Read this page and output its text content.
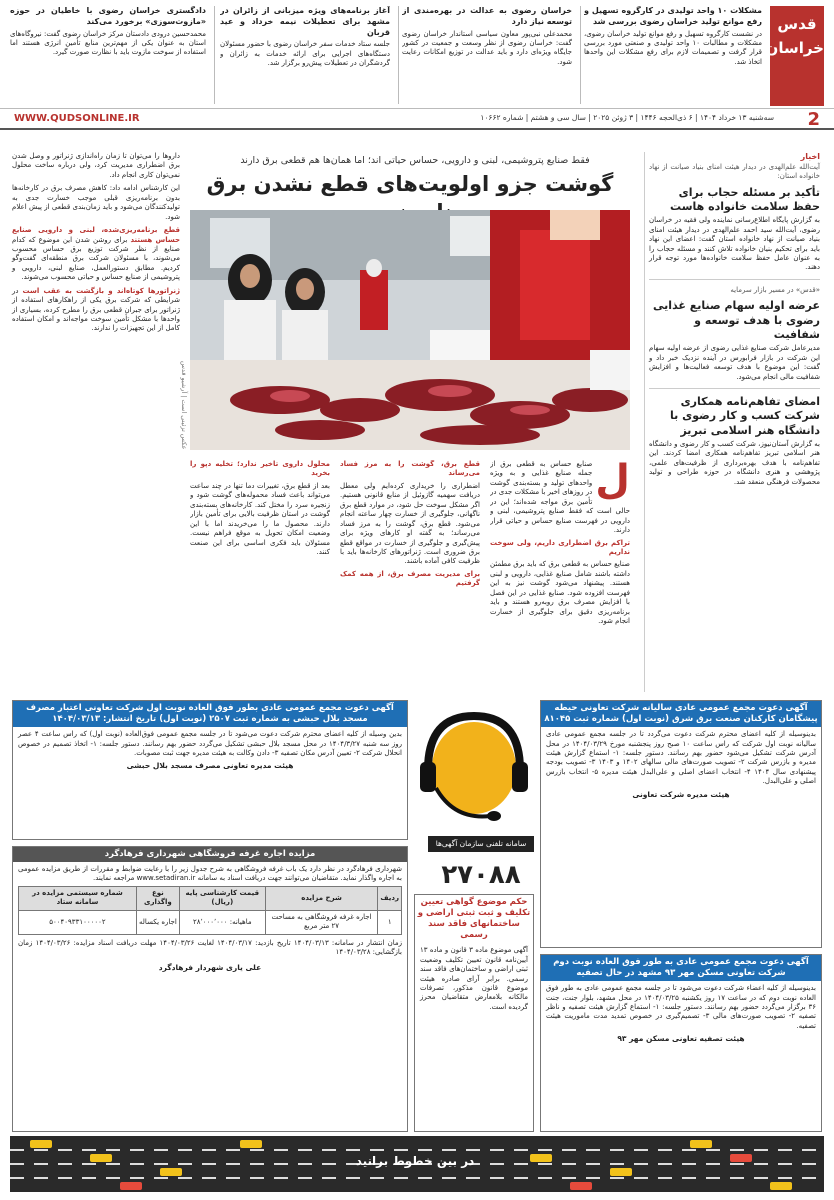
قدس خراسان
مشکلات ۱۰ واحد تولیدی در کارگروه تسهیل و رفع موانع تولید خراسان رضوی بررسی شد
در نشست کارگروه تسهیل و رفع موانع تولید خراسان رضوی، مشکلات و مطالبات ۱۰ واحد تولیدی و صنعتی مورد بررسی قرار گرفت و تصمیمات لازم برای رفع مشکلات این واحدها اتخاذ شد.
خراسان رضوی به عدالت در بهره‌مندی از توسعه نیاز دارد
محمدعلی نبی‌پور معاون سیاسی استاندار خراسان رضوی گفت: خراسان رضوی از نظر وسعت و جمعیت در کشور جایگاه ویژه‌ای دارد و باید عدالت در توزیع امکانات رعایت شود.
آغاز برنامه‌های ویژه میزبانی از زائران در مشهد برای تعطیلات نیمه خرداد و عید قربان
جلسه ستاد خدمات سفر خراسان رضوی با حضور مسئولان دستگاه‌های اجرایی برای ارائه خدمات به زائران و گردشگران در تعطیلات پیش‌رو برگزار شد.
دادگستری خراسان رضوی با خاطیان در حوزه «مازوت‌سوزی» برخورد می‌کند
محمدحسین درودی دادستان مرکز خراسان رضوی گفت: نیروگاه‌های استان به عنوان یکی از مهم‌ترین منابع تأمین انرژی هستند اما استفاده از سوخت مازوت باید با نظارت صورت گیرد.
2
سه‌شنبه ۱۳ خرداد ۱۴۰۴ | ۶ ذی‌الحجه ۱۴۴۶ | ۳ ژوئن ۲۰۲۵ | سال سی و هشتم | شماره ۱۰۶۶۲
WWW.QUDSONLINE.IR
اخبار

آیت‌الله علم‌الهدی در دیدار هیئت امنای بنیاد صیانت از نهاد خانواده استان:

تأکید بر مسئله حجاب برای حفظ سلامت خانواده هاست

به گزارش پایگاه اطلاع‌رسانی نماینده ولی فقیه در خراسان رضوی، آیت‌الله سید احمد علم‌الهدی در دیدار هیئت امنای بنیاد صیانت از نهاد خانواده استان گفت: اعضای این نهاد باید برای تحکیم بنیان خانواده تلاش کنند و مسئله حجاب را به عنوان عامل حفظ سلامت خانواده‌ها مورد توجه قرار دهند.

«قدس» در مسیر بازار سرمایه

عرضه اولیه سهام صنایع غذایی رضوی با هدف توسعه و شفافیت

مدیرعامل شرکت صنایع غذایی رضوی از عرضه اولیه سهام این شرکت در بازار فرابورس در آینده نزدیک خبر داد و گفت: این موضوع با هدف توسعه فعالیت‌ها و افزایش شفافیت مالی انجام می‌شود.

امضای تفاهم‌نامه همکاری شرکت کسب و کار رضوی با دانشگاه هنر اسلامی تبریز

به گزارش آستان‌نیوز، شرکت کسب و کار رضوی و دانشگاه هنر اسلامی تبریز تفاهم‌نامه همکاری امضا کردند. این تفاهم‌نامه با هدف بهره‌برداری از ظرفیت‌های علمی، پژوهشی و هنری دانشگاه در حوزه طراحی و تولید محصولات فرهنگی منعقد شد.

فقط صنایع پتروشیمی، لبنی و دارویی، حساس حیاتی اند؛ اما همان‌ها هم قطعی برق دارند
گوشت جزو اولویت‌های قطع نشدن برق
عکس تزئینی است | آرشیو قدس

داروها را می‌توان تا زمان راه‌اندازی ژنراتور و وصل شدن برق اضطراری مدیریت کرد، ولی درباره ساخت محلول نمی‌توان کاری انجام داد.

این کارشناس ادامه داد: کاهش مصرف برق در کارخانه‌ها بدون برنامه‌ریزی قبلی موجب خسارت جدی به تولیدکنندگان می‌شود و باید زمان‌بندی قطعی از پیش اعلام شود.

قطع برنامه‌ریزی‌شده، لبنی و دارویی صنایع حساس هستند برای روشن شدن این موضوع که کدام صنایع از نظر شرکت توزیع برق حساس محسوب می‌شوند، با مسئولان شرکت برق منطقه‌ای گفت‌وگو کردیم. مطابق دستورالعمل، صنایع لبنی، دارویی و پتروشیمی از صنایع حساس و حیاتی محسوب می‌شوند.

ژنراتورها کوتاه‌اند و بازگشت به عقب است در شرایطی که شرکت برق یکی از راهکارهای استفاده از ژنراتور برای جبران قطعی برق را مطرح کرده، بسیاری از واحدها با مشکل تأمین سوخت مواجه‌اند و امکان استفاده کامل از این تجهیزات را ندارند.

ل

صنایع حساس به قطعی برق از جمله صنایع غذایی و به ویژه واحدهای تولید و بسته‌بندی گوشت در روزهای اخیر با مشکلات جدی در تأمین برق مواجه شده‌اند؛ این در حالی است که فقط صنایع پتروشیمی، لبنی و دارویی در فهرست صنایع حساس و حیاتی قرار دارند.

تراکم برق اضطراری داریم، ولی سوخت نداریم

صنایع حساس به قطعی برق که باید برق مطمئن داشته باشند شامل صنایع غذایی، دارویی و لبنی هستند. پیشنهاد می‌شود گوشت نیز به این فهرست افزوده شود. صنایع غذایی در این فصل با افزایش مصرف برق روبه‌رو هستند و باید برنامه‌ریزی دقیق برای جلوگیری از خسارت انجام شود.

قطع برق، گوشت را به مرز فساد می‌رساند

اضطراری را خریداری کرده‌ایم ولی معطل دریافت سهمیه گازوئیل از منابع قانونی هستیم. اگر مشکل سوخت حل شود، در موارد قطع برق ناگهانی، جلوگیری از خسارت چهار ساعته انجام می‌شود. قطع برق، گوشت را به مرز فساد می‌رساند؛ به گفته او کارهای ویژه برای پیش‌گیری و جلوگیری از خسارت در مواقع قطع برق ضروری است. ژنراتورهای کارخانه‌ها باید با ظرفیت کافی آماده باشند.

برای مدیریت مصرف برق، از همه کمک گرفتیم

محلول داروی تاخیر ندارد؛ تخلیه دپو را بخرید

بعد از قطع برق، تغییرات دما تنها در چند ساعت می‌تواند باعث فساد محموله‌های گوشت شود و زنجیره سرد را مختل کند. کارخانه‌های بسته‌بندی گوشت در استان ظرفیت بالایی برای تأمین بازار دارند. محصول ما را می‌خریدند اما با این وضعیت امکان تحویل به موقع فراهم نیست. مسئولان باید فکری اساسی برای این صنعت کنند.

آگهی دعوت مجمع عمومی عادی بطور فوق العاده نوبت اول شرکت تعاونی اعتبار مصرف مسجد بلال حبشی به شماره ثبت ۲۵۰۷ (نوبت اول) تاریخ انتشار: ۱۴۰۴/۰۳/۱۳
بدین وسیله از کلیه اعضای محترم شرکت دعوت می‌شود تا در جلسه مجمع عمومی فوق‌العاده (نوبت اول) که راس ساعت ۴ عصر روز سه شنبه ۱۴۰۴/۳/۲۷ در محل مسجد بلال حبشی تشکیل می‌گردد حضور بهم رسانند. دستور جلسه: ۱- اتخاذ تصمیم در خصوص انحلال شرکت ۲- تعیین آدرس مکان تصفیه ۳- دادن وکالت به هیئت مدیره جهت ثبت مصوبات.
هیئت مدیره تعاونی مصرف مسجد بلال حبشی
آگهی دعوت مجمع عمومی عادی سالیانه شرکت تعاونی حیطه پیشگامان کارکنان صنعت برق شرق (نوبت اول) شماره ثبت ۸۱۰۴۵
بدینوسیله از کلیه اعضای محترم شرکت دعوت می‌گردد تا در جلسه مجمع عمومی عادی سالیانه نوبت اول شرکت که راس ساعت ۱۰ صبح روز پنجشنبه مورخ ۱۴۰۴/۰۳/۲۹ در محل آدرس شرکت تشکیل می‌شود حضور بهم رسانند. دستور جلسه: ۱- استماع گزارش هیئت مدیره و بازرس شرکت ۲- تصویب صورت‌های مالی سالهای ۱۴۰۲ و ۱۴۰۳ ۳- تصویب بودجه پیشنهادی سال ۱۴۰۴ ۴- انتخاب اعضای اصلی و علی‌البدل هیئت مدیره ۵- انتخاب بازرس اصلی و علی‌البدل.
هیئت مدیره شرکت تعاونی
سامانه تلفنی سازمان آگهی‌ها
۲۷۰۸۸
مزایده اجاره غرفه فروشگاهی شهرداری فرهادگرد

شهرداری فرهادگرد در نظر دارد یک باب غرفه فروشگاهی به شرح جدول زیر را با رعایت ضوابط و مقررات از طریق مزایده عمومی به اجاره واگذار نماید. متقاضیان می‌توانند جهت دریافت اسناد به سامانه www.setadiran.ir مراجعه نمایند.

ردیف	شرح مزایده	قیمت کارشناسی پایه (ریال)	نوع واگذاری	شماره سیستمی مزایده در سامانه ستاد
۱	اجاره غرفه فروشگاهی به مساحت ۲۷ متر مربع	ماهیانه: ۲۸٬۰۰۰٬۰۰۰	اجاره یکساله	۵۰۰۴۰۹۳۳۱۰۰۰۰۰۲

زمان انتشار در سامانه: ۱۴۰۴/۰۳/۱۳ تاریخ بازدید: ۱۴۰۴/۰۳/۱۷ لغایت ۱۴۰۴/۰۳/۲۶ مهلت دریافت اسناد مزایده: ۱۴۰۴/۰۳/۲۶ زمان بازگشایی: ۱۴۰۴/۰۳/۲۸

علی یاری شهردار فرهادگرد
حکم موضوع گواهی تعیین تکلیف و ثبت ثبتی اراضی و ساختمانهای فاقد سند رسمی
آگهی موضوع ماده ۳ قانون و ماده ۱۳ آیین‌نامه قانون تعیین تکلیف وضعیت ثبتی اراضی و ساختمان‌های فاقد سند رسمی. برابر آرای صادره هیئت موضوع قانون مذکور، تصرفات مالکانه بلامعارض متقاضیان محرز گردیده است.
آگهی دعوت مجمع عمومی عادی به طور فوق العاده نوبت دوم شرکت تعاونی مسکن مهر ۹۳ مشهد در حال تصفیه
بدینوسیله از کلیه اعضاء شرکت دعوت می‌شود تا در جلسه مجمع عمومی عادی به طور فوق العاده نوبت دوم که در ساعت ۱۷ روز یکشنبه ۱۴۰۴/۰۳/۲۵ در محل مشهد، بلوار جنت، جنت ۳۶ برگزار می‌گردد حضور بهم رسانند. دستور جلسه: ۱- استماع گزارش هیئت تصفیه و ناظر تصفیه ۲- تصویب صورت‌های مالی ۳- تصمیم‌گیری در خصوص تمدید مدت ماموریت هیئت تصفیه.
هیئت تصفیه تعاونی مسکن مهر ۹۳
در بین خطوط برانید
